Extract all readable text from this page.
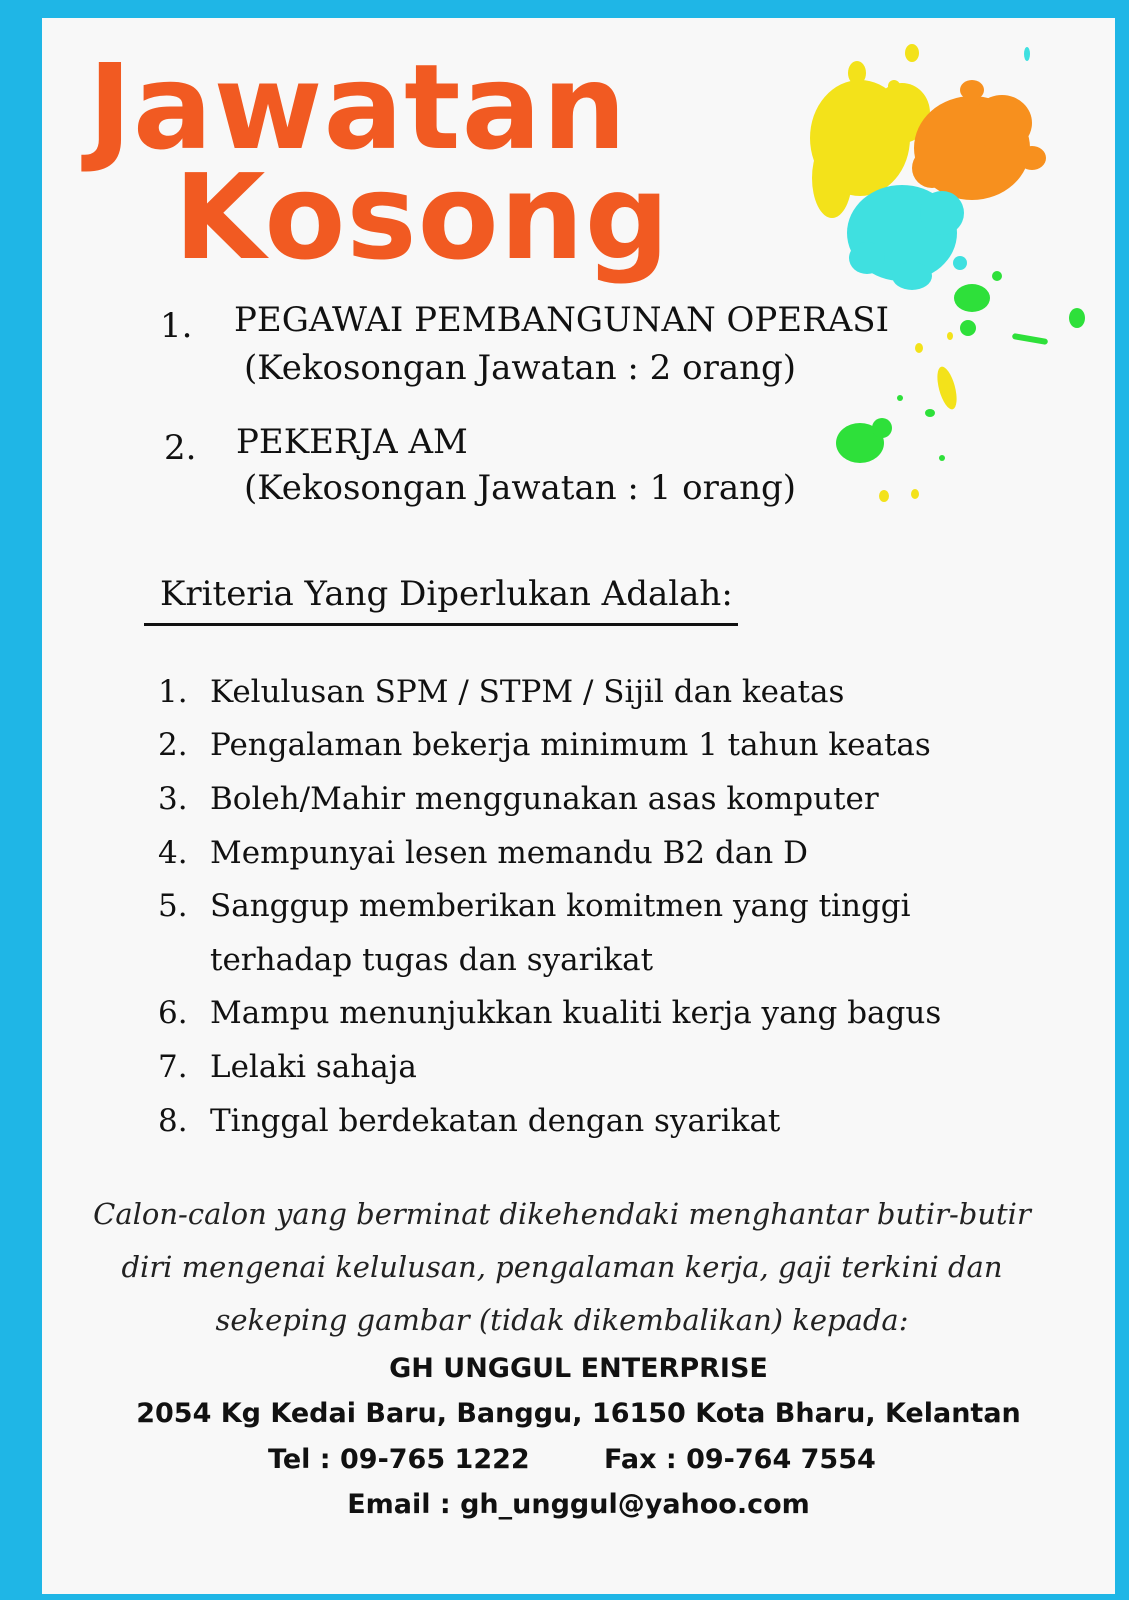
Jawatan
Kosong
1. PEGAWAI PEMBANGUNAN OPERASI
(Kekosongan Jawatan : 2 orang)
2. PEKERJA AM
(Kekosongan Jawatan : 1 orang)
Kriteria Yang Diperlukan Adalah:
1. Kelulusan SPM / STPM / Sijil dan keatas
2. Pengalaman bekerja minimum 1 tahun keatas
3. Boleh/Mahir menggunakan asas komputer
4. Mempunyai lesen memandu B2 dan D
5. Sanggup memberikan komitmen yang tinggi
terhadap tugas dan syarikat
6. Mampu menunjukkan kualiti kerja yang bagus
7. Lelaki sahaja
8. Tinggal berdekatan dengan syarikat
Calon-calon yang berminat dikehendaki menghantar butir-butir
diri mengenai kelulusan, pengalaman kerja, gaji terkini dan
sekeping gambar (tidak dikembalikan) kepada:
GH UNGGUL ENTERPRISE
2054 Kg Kedai Baru, Banggu, 16150 Kota Bharu, Kelantan
Tel : 09-765 1222	Fax : 09-764 7554
Email : gh_unggul@yahoo.com
